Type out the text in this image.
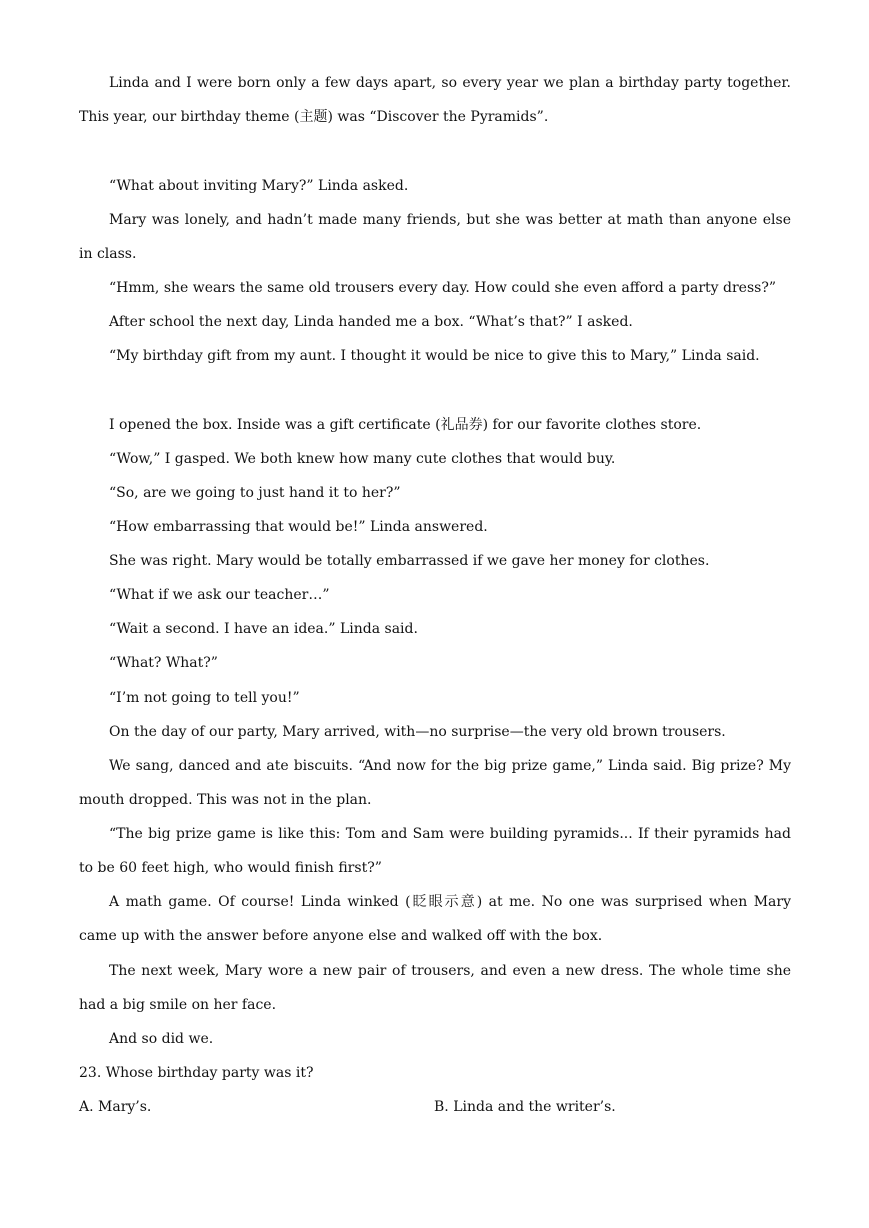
Linda and I were born only a few days apart, so every year we plan a birthday party together. This year, our birthday theme (主题) was “Discover the Pyramids”.

“What about inviting Mary?” Linda asked.

Mary was lonely, and hadn’t made many friends, but she was better at math than anyone else in class.

“Hmm, she wears the same old trousers every day. How could she even afford a party dress?”

After school the next day, Linda handed me a box. “What’s that?” I asked.

“My birthday gift from my aunt. I thought it would be nice to give this to Mary,” Linda said.

I opened the box. Inside was a gift certificate (礼品券) for our favorite clothes store.

“Wow,” I gasped. We both knew how many cute clothes that would buy.

“So, are we going to just hand it to her?”

“How embarrassing that would be!” Linda answered.

She was right. Mary would be totally embarrassed if we gave her money for clothes.

“What if we ask our teacher…”

“Wait a second. I have an idea.” Linda said.

“What? What?”

“I’m not going to tell you!”

On the day of our party, Mary arrived, with—no surprise—the very old brown trousers.

We sang, danced and ate biscuits. “And now for the big prize game,” Linda said. Big prize? My mouth dropped. This was not in the plan.

“The big prize game is like this: Tom and Sam were building pyramids... If their pyramids had to be 60 feet high, who would finish first?”

A math game. Of course! Linda winked (眨眼示意) at me. No one was surprised when Mary came up with the answer before anyone else and walked off with the box.

The next week, Mary wore a new pair of trousers, and even a new dress. The whole time she had a big smile on her face.

And so did we.

23. Whose birthday party was it?

A. Mary’s.	B. Linda and the writer’s.
